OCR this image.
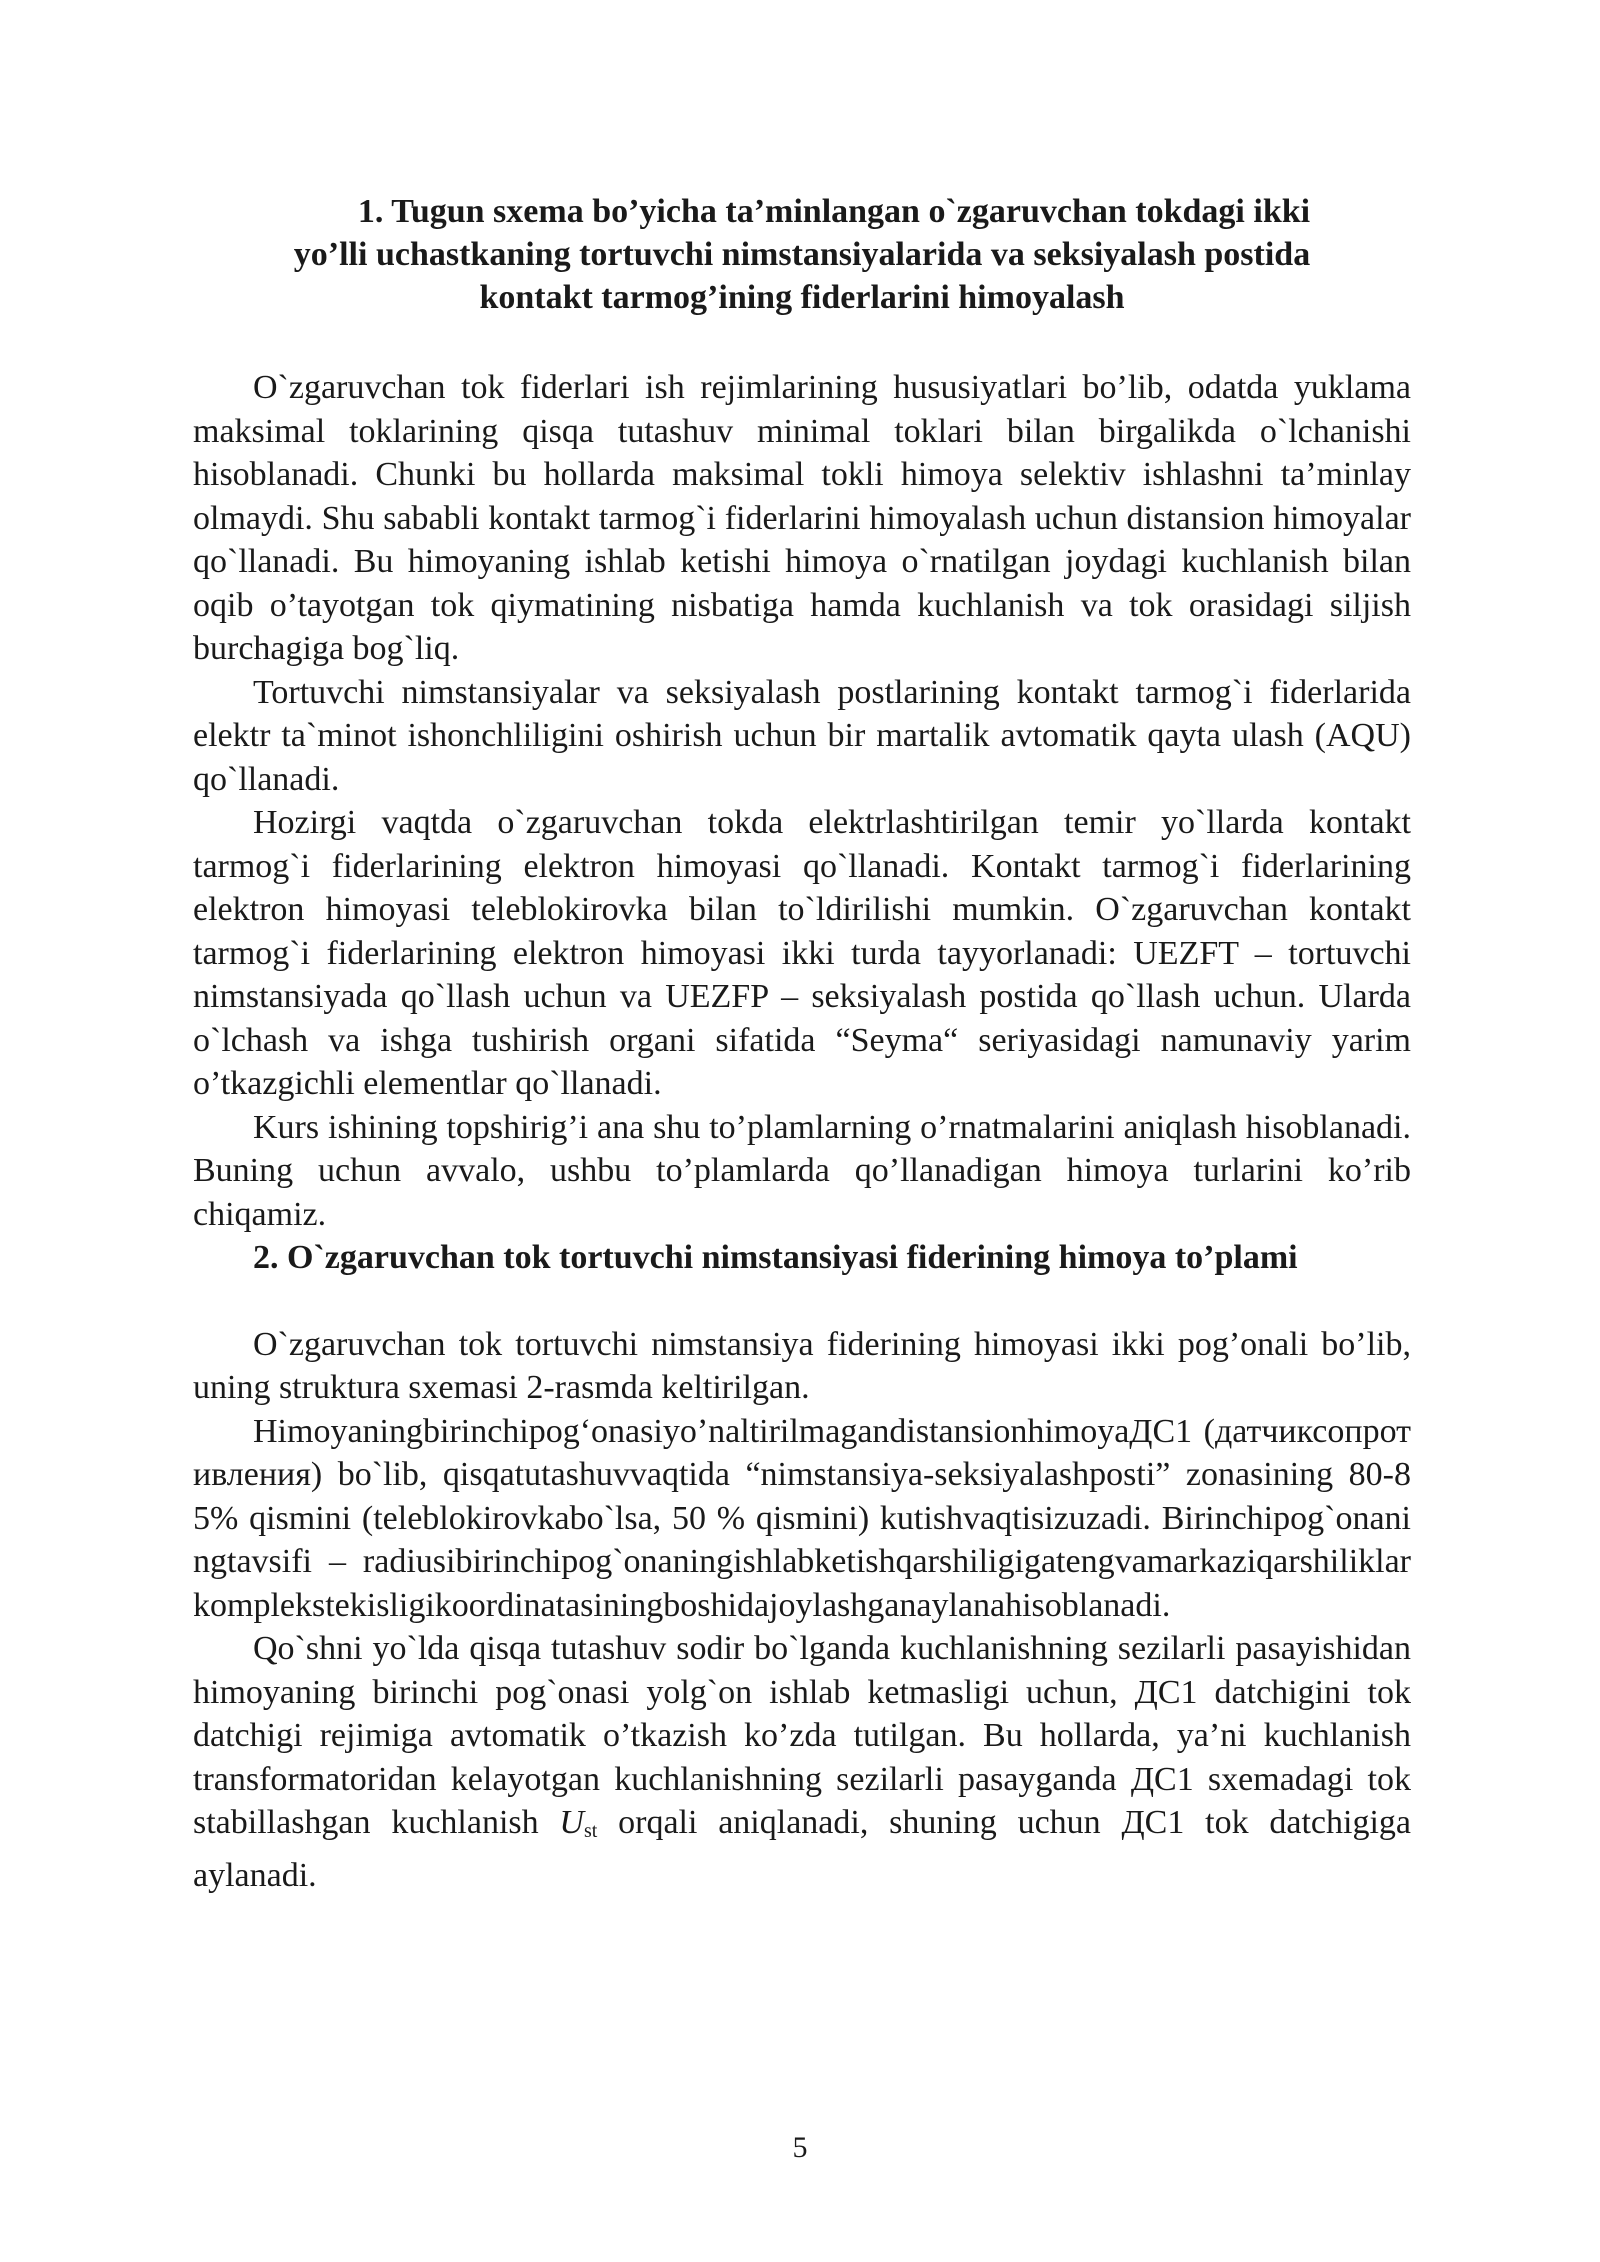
1. Tugun sxema bo’yicha ta’minlangan o`zgaruvchan tokdagi ikki
yo’lli uchastkaning tortuvchi nimstansiyalarida va seksiyalash postida
kontakt tarmog’ining fiderlarini himoyalash

O`zgaruvchan tok fiderlari ish rejimlarining hususiyatlari bo’lib, odatda yuklama maksimal toklarining qisqa tutashuv minimal toklari bilan birgalikda o`lchanishi hisoblanadi. Chunki bu hollarda maksimal tokli himoya selektiv ishlashni ta’minlay olmaydi. Shu sababli kontakt tarmog`i fiderlarini himoyalash uchun distansion himoyalar qo`llanadi. Bu himoyaning ishlab ketishi himoya o`rnatilgan joydagi kuchlanish bilan oqib o’tayotgan tok qiymatining nisbatiga hamda kuchlanish va tok orasidagi siljish burchagiga bog`liq.

Tortuvchi nimstansiyalar va seksiyalash postlarining kontakt tarmog`i fiderlarida elektr ta`minot ishonchliligini oshirish uchun bir martalik avtomatik qayta ulash (AQU) qo`llanadi.

Hozirgi vaqtda o`zgaruvchan tokda elektrlashtirilgan temir yo`llarda kontakt tarmog`i fiderlarining elektron himoyasi qo`llanadi. Kontakt tarmog`i fiderlarining elektron himoyasi teleblokirovka bilan to`ldirilishi mumkin. O`zgaruvchan kontakt tarmog`i fiderlarining elektron himoyasi ikki turda tayyorlanadi: UEZFT – tortuvchi nimstansiyada qo`llash uchun va UEZFP – seksiyalash postida qo`llash uchun. Ularda o`lchash va ishga tushirish organi sifatida “Seyma“ seriyasidagi namunaviy yarim o’tkazgichli elementlar qo`llanadi.

Kurs ishining topshirig’i ana shu to’plamlarning o’rnatmalarini aniqlash hisoblanadi. Buning uchun avvalo, ushbu to’plamlarda qo’llanadigan himoya turlarini ko’rib chiqamiz.

2. O`zgaruvchan tok tortuvchi nimstansiyasi fiderining himoya to’plami

O`zgaruvchan tok tortuvchi nimstansiya fiderining himoyasi ikki pog’onali bo’lib, uning struktura sxemasi 2-rasmda keltirilgan.

HimoyaningbirinchipogʻonasiyoʼnaltirilmagandistansionhimoyaДС1 (датчиксопротивления) bo`lib, qisqatutashuvvaqtida “nimstansiya-seksiyalashposti” zonasining 80-85% qismini (teleblokirovkabo`lsa, 50 % qismini) kutishvaqtisizuzadi. Birinchipog`onaningtavsifi – radiusibirinchipog`onaningishlabketishqarshiligigatengvamarkaziqarshiliklarkomplekstekisligikoordinatasiningboshidajoylashganaylanahisoblanadi.

Qo`shni yo`lda qisqa tutashuv sodir bo`lganda kuchlanishning sezilarli pasayishidan himoyaning birinchi pog`onasi yolg`on ishlab ketmasligi uchun, ДС1 datchigini tok datchigi rejimiga avtomatik o’tkazish ko’zda tutilgan. Bu hollarda, ya’ni kuchlanish transformatoridan kelayotgan kuchlanishning sezilarli pasayganda ДС1 sxemadagi tok stabillashgan kuchlanish $U_{st}$ orqali aniqlanadi, shuning uchun ДС1 tok datchigiga aylanadi.

5
